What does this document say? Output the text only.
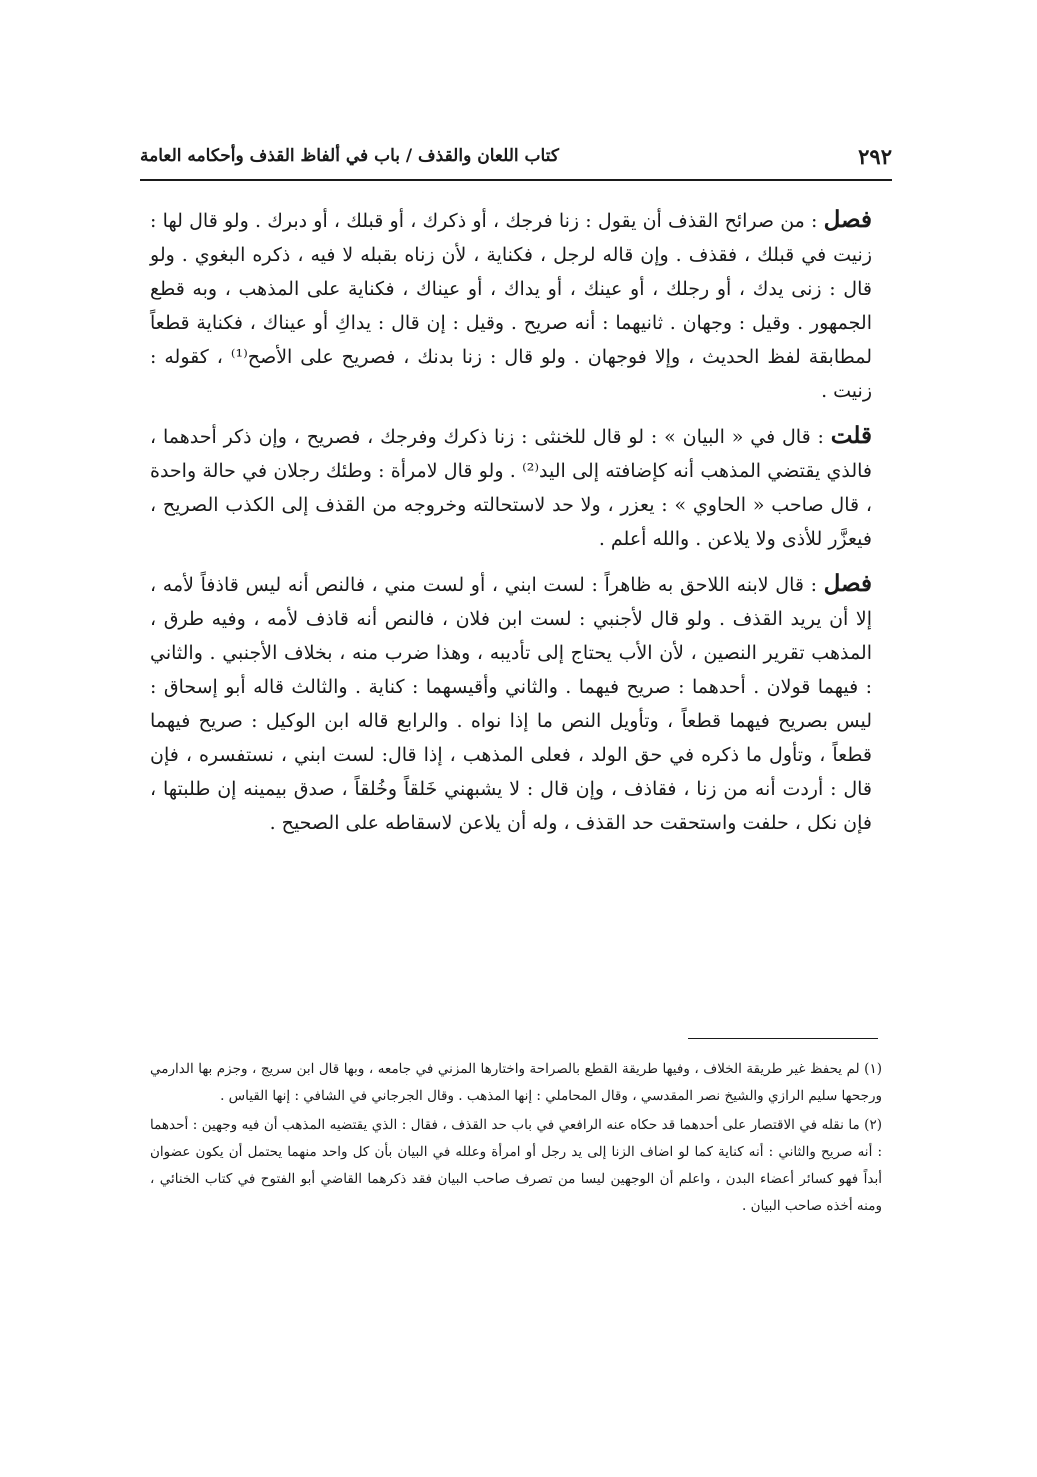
٢٩٢
كتاب اللعان والقذف / باب في ألفاظ القذف وأحكامه العامة

فصل : من صرائح القذف أن يقول : زنا فرجك ، أو ذكرك ، أو قبلك ، أو دبرك . ولو قال لها : زنيت في قبلك ، فقذف . وإن قاله لرجل ، فكناية ، لأن زناه بقبله لا فيه ، ذكره البغوي . ولو قال : زنى يدك ، أو رجلك ، أو عينك ، أو يداك ، أو عيناك ، فكناية على المذهب ، وبه قطع الجمهور . وقيل : وجهان . ثانيهما : أنه صريح . وقيل : إن قال : يداكِ أو عيناك ، فكناية قطعاً لمطابقة لفظ الحديث ، وإلا فوجهان . ولو قال : زنا بدنك ، فصريح على الأصح⁽¹⁾ ، كقوله : زنيت .

قلت : قال في « البيان » : لو قال للخنثى : زنا ذكرك وفرجك ، فصريح ، وإن ذكر أحدهما ، فالذي يقتضي المذهب أنه كإضافته إلى اليد⁽²⁾ . ولو قال لامرأة : وطئك رجلان في حالة واحدة ، قال صاحب « الحاوي » : يعزر ، ولا حد لاستحالته وخروجه من القذف إلى الكذب الصريح ، فيعزَّر للأذى ولا يلاعن . والله أعلم .

فصل : قال لابنه اللاحق به ظاهراً : لست ابني ، أو لست مني ، فالنص أنه ليس قاذفاً لأمه ، إلا أن يريد القذف . ولو قال لأجنبي : لست ابن فلان ، فالنص أنه قاذف لأمه ، وفيه طرق ، المذهب تقرير النصين ، لأن الأب يحتاج إلى تأديبه ، وهذا ضرب منه ، بخلاف الأجنبي . والثاني : فيهما قولان . أحدهما : صريح فيهما . والثاني وأقيسهما : كناية . والثالث قاله أبو إسحاق : ليس بصريح فيهما قطعاً ، وتأويل النص ما إذا نواه . والرابع قاله ابن الوكيل : صريح فيهما قطعاً ، وتأول ما ذكره في حق الولد ، فعلى المذهب ، إذا قال: لست ابني ، نستفسره ، فإن قال : أردت أنه من زنا ، فقاذف ، وإن قال : لا يشبهني خَلقاً وخُلقاً ، صدق بيمينه إن طلبتها ، فإن نكل ، حلفت واستحقت حد القذف ، وله أن يلاعن لاسقاطه على الصحيح .

(١) لم يحفظ غير طريقة الخلاف ، وفيها طريقة القطع بالصراحة واختارها المزني في جامعه ، وبها قال ابن سريج ، وجزم بها الدارمي ورجحها سليم الرازي والشيخ نصر المقدسي ، وقال المحاملي : إنها المذهب . وقال الجرجاني في الشافي : إنها القياس .

(٢) ما نقله في الاقتصار على أحدهما قد حكاه عنه الرافعي في باب حد القذف ، فقال : الذي يقتضيه المذهب أن فيه وجهين : أحدهما : أنه صريح والثاني : أنه كناية كما لو اضاف الزنا إلى يد رجل أو امرأة وعلله في البيان بأن كل واحد منهما يحتمل أن يكون عضوان أبداً فهو كسائر أعضاء البدن ، واعلم أن الوجهين ليسا من تصرف صاحب البيان فقد ذكرهما القاضي أبو الفتوح في كتاب الخنائي ، ومنه أخذه صاحب البيان .
